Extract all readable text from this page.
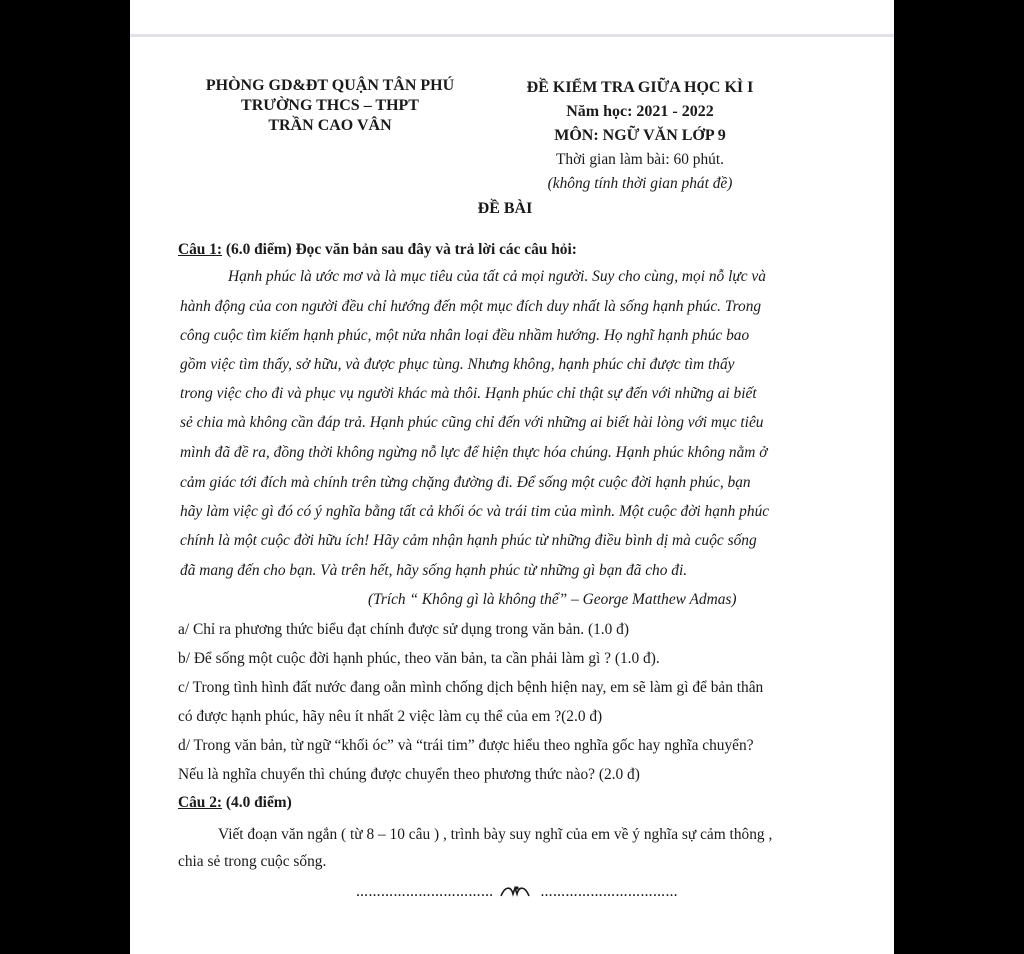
PHÒNG GD&ĐT QUẬN TÂN PHÚ
TRƯỜNG THCS – THPT
TRẦN CAO VÂN
ĐỀ KIỂM TRA GIỮA HỌC KÌ I
Năm học: 2021 - 2022
MÔN: NGỮ VĂN LỚP 9
Thời gian làm bài: 60 phút.
(không tính thời gian phát đề)
ĐỀ BÀI
Câu 1: (6.0 điểm) Đọc văn bản sau đây và trả lời các câu hỏi:
Hạnh phúc là ước mơ và là mục tiêu của tất cả mọi người. Suy cho cùng, mọi nỗ lực và
hành động của con người đều chỉ hướng đến một mục đích duy nhất là sống hạnh phúc. Trong
công cuộc tìm kiếm hạnh phúc, một nửa nhân loại đều nhầm hướng. Họ nghĩ hạnh phúc bao
gồm việc tìm thấy, sở hữu, và được phục tùng. Nhưng không, hạnh phúc chỉ được tìm thấy
trong việc cho đi và phục vụ người khác mà thôi. Hạnh phúc chỉ thật sự đến với những ai biết
sẻ chia mà không cần đáp trả. Hạnh phúc cũng chỉ đến với những ai biết hài lòng với mục tiêu
mình đã đề ra, đồng thời không ngừng nỗ lực để hiện thực hóa chúng. Hạnh phúc không nằm ở
cảm giác tới đích mà chính trên từng chặng đường đi. Để sống một cuộc đời hạnh phúc, bạn
hãy làm việc gì đó có ý nghĩa bằng tất cả khối óc và trái tim của mình. Một cuộc đời hạnh phúc
chính là một cuộc đời hữu ích! Hãy cảm nhận hạnh phúc từ những điều bình dị mà cuộc sống
đã mang đến cho bạn. Và trên hết, hãy sống hạnh phúc từ những gì bạn đã cho đi.
(Trích “ Không gì là không thể” – George Matthew Admas)
a/ Chỉ ra phương thức biểu đạt chính được sử dụng trong văn bản. (1.0 đ)
b/ Để sống một cuộc đời hạnh phúc, theo văn bản, ta cần phải làm gì ? (1.0 đ).
c/ Trong tình hình đất nước đang oằn mình chống dịch bệnh hiện nay, em sẽ làm gì để bản thân
có được hạnh phúc, hãy nêu ít nhất 2 việc làm cụ thể của em ?(2.0 đ)
d/ Trong văn bản, từ ngữ “khối óc” và “trái tim” được hiểu theo nghĩa gốc hay nghĩa chuyển?
Nếu là nghĩa chuyển thì chúng được chuyển theo phương thức nào? (2.0 đ)
Câu 2: (4.0 điểm)
Viết đoạn văn ngắn ( từ 8 – 10 câu ) , trình bày suy nghĩ của em về ý nghĩa sự cảm thông ,
chia sẻ trong cuộc sống.
……………………………	……………………………
